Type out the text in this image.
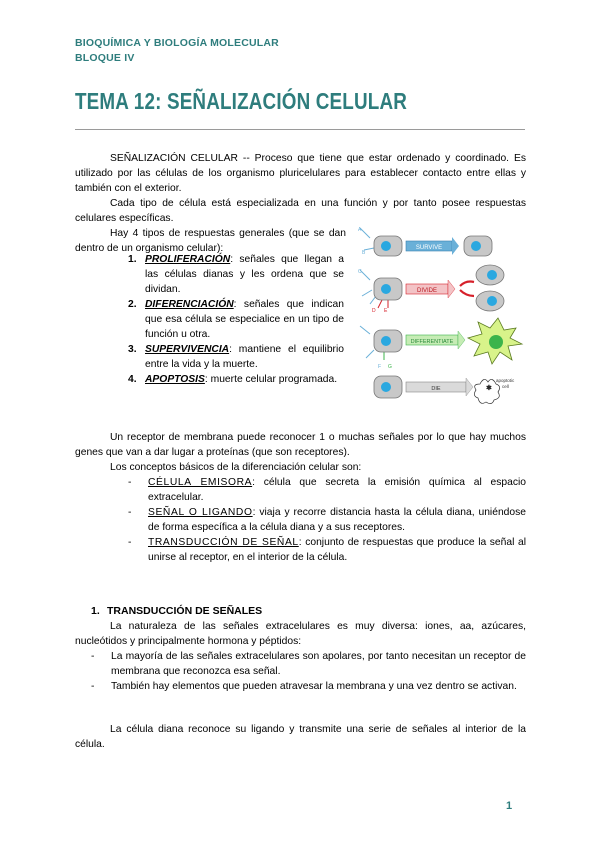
BIOQUÍMICA Y BIOLOGÍA MOLECULAR
BLOQUE IV
TEMA 12: SEÑALIZACIÓN CELULAR

SEÑALIZACIÓN CELULAR -- Proceso que tiene que estar ordenado y coordinado. Es utilizado por las células de los organismo pluricelulares para establecer contacto entre ellas y también con el exterior.

Cada tipo de célula está especializada en una función y por tanto posee respuestas celulares específicas.

Hay 4 tipos de respuestas generales (que se dan dentro de un organismo celular):

1. PROLIFERACIÓN: señales que llegan a las células dianas y les ordena que se dividan.

2. DIFERENCIACIÓN: señales que indican que esa célula se especialice en un tipo de función u otra.

3. SUPERVIVENCIA: mantiene el equilibrio entre la vida y la muerte.

4. APOPTOSIS: muerte celular programada.

A
B
SURVIVE
C
D E
DIVIDE
F G
DIFFERENTIATE
DIE	✱
apoptotic
cell

Un receptor de membrana puede reconocer 1 o muchas señales por lo que hay muchos genes que van a dar lugar a proteínas (que son receptores).

Los conceptos básicos de la diferenciación celular son:

- CÉLULA EMISORA: célula que secreta la emisión química al espacio extracelular.

- SEÑAL O LIGANDO: viaja y recorre distancia hasta la célula diana, uniéndose de forma específica a la célula diana y a sus receptores.

- TRANSDUCCIÓN DE SEÑAL: conjunto de respuestas que produce la señal al unirse al receptor, en el interior de la célula.

1. TRANSDUCCIÓN DE SEÑALES

La naturaleza de las señales extracelulares es muy diversa: iones, aa, azúcares, nucleótidos y principalmente hormona y péptidos:

- La mayoría de las señales extracelulares son apolares, por tanto necesitan un receptor de membrana que reconozca esa señal.

- También hay elementos que pueden atravesar la membrana y una vez dentro se activan.

La célula diana reconoce su ligando y transmite una serie de señales al interior de la célula.

1
